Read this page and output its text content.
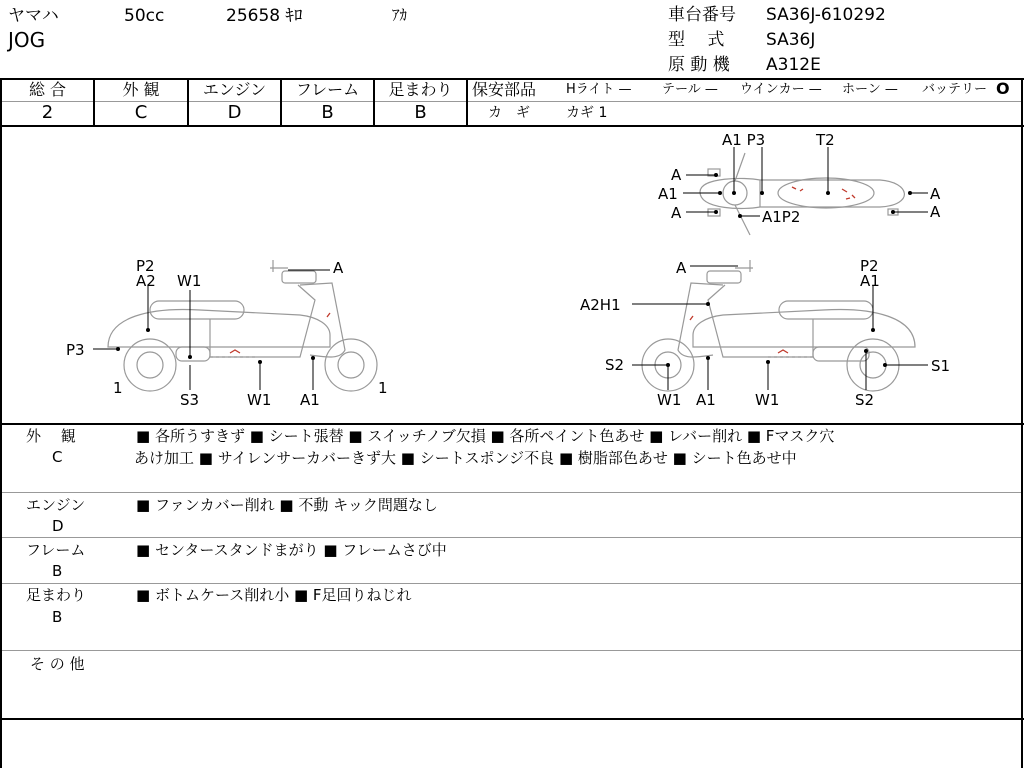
ヤマハ	50cc	25658 ｷﾛ	ｱｶ
JOG
車台番号 SA36J-610292
型　 式 SA36J
原 動 機 A312E
総 合	外 観	エンジン	フレーム	足まわり
2	C	D	B	B
保安部品 Hライト — テール — ウインカー — ホーン — バッテリー O
カ　ギ	カギ 1
A1 P3	T2
A
A1
A	A1P2
A
A
P2
A2 W1
A
P3
1	1
S3	W1 A1
A	P2
A1
A2H1
S2	S1
W1 A1	W1	S2
外　 観
C
■ 各所うすきず ■ シート張替 ■ スイッチノブ欠損 ■ 各所ペイント色あせ ■ レバー削れ ■ Fマスク穴
あけ加工 ■ サイレンサーカバーきず大 ■ シートスポンジ不良 ■ 樹脂部色あせ ■ シート色あせ中
エンジン
D
■ ファンカバー削れ ■ 不動 キック問題なし
フレーム
B
■ センタースタンドまがり ■ フレームさび中
足まわり
B
■ ボトムケース削れ小 ■ F足回りねじれ
そ の 他
